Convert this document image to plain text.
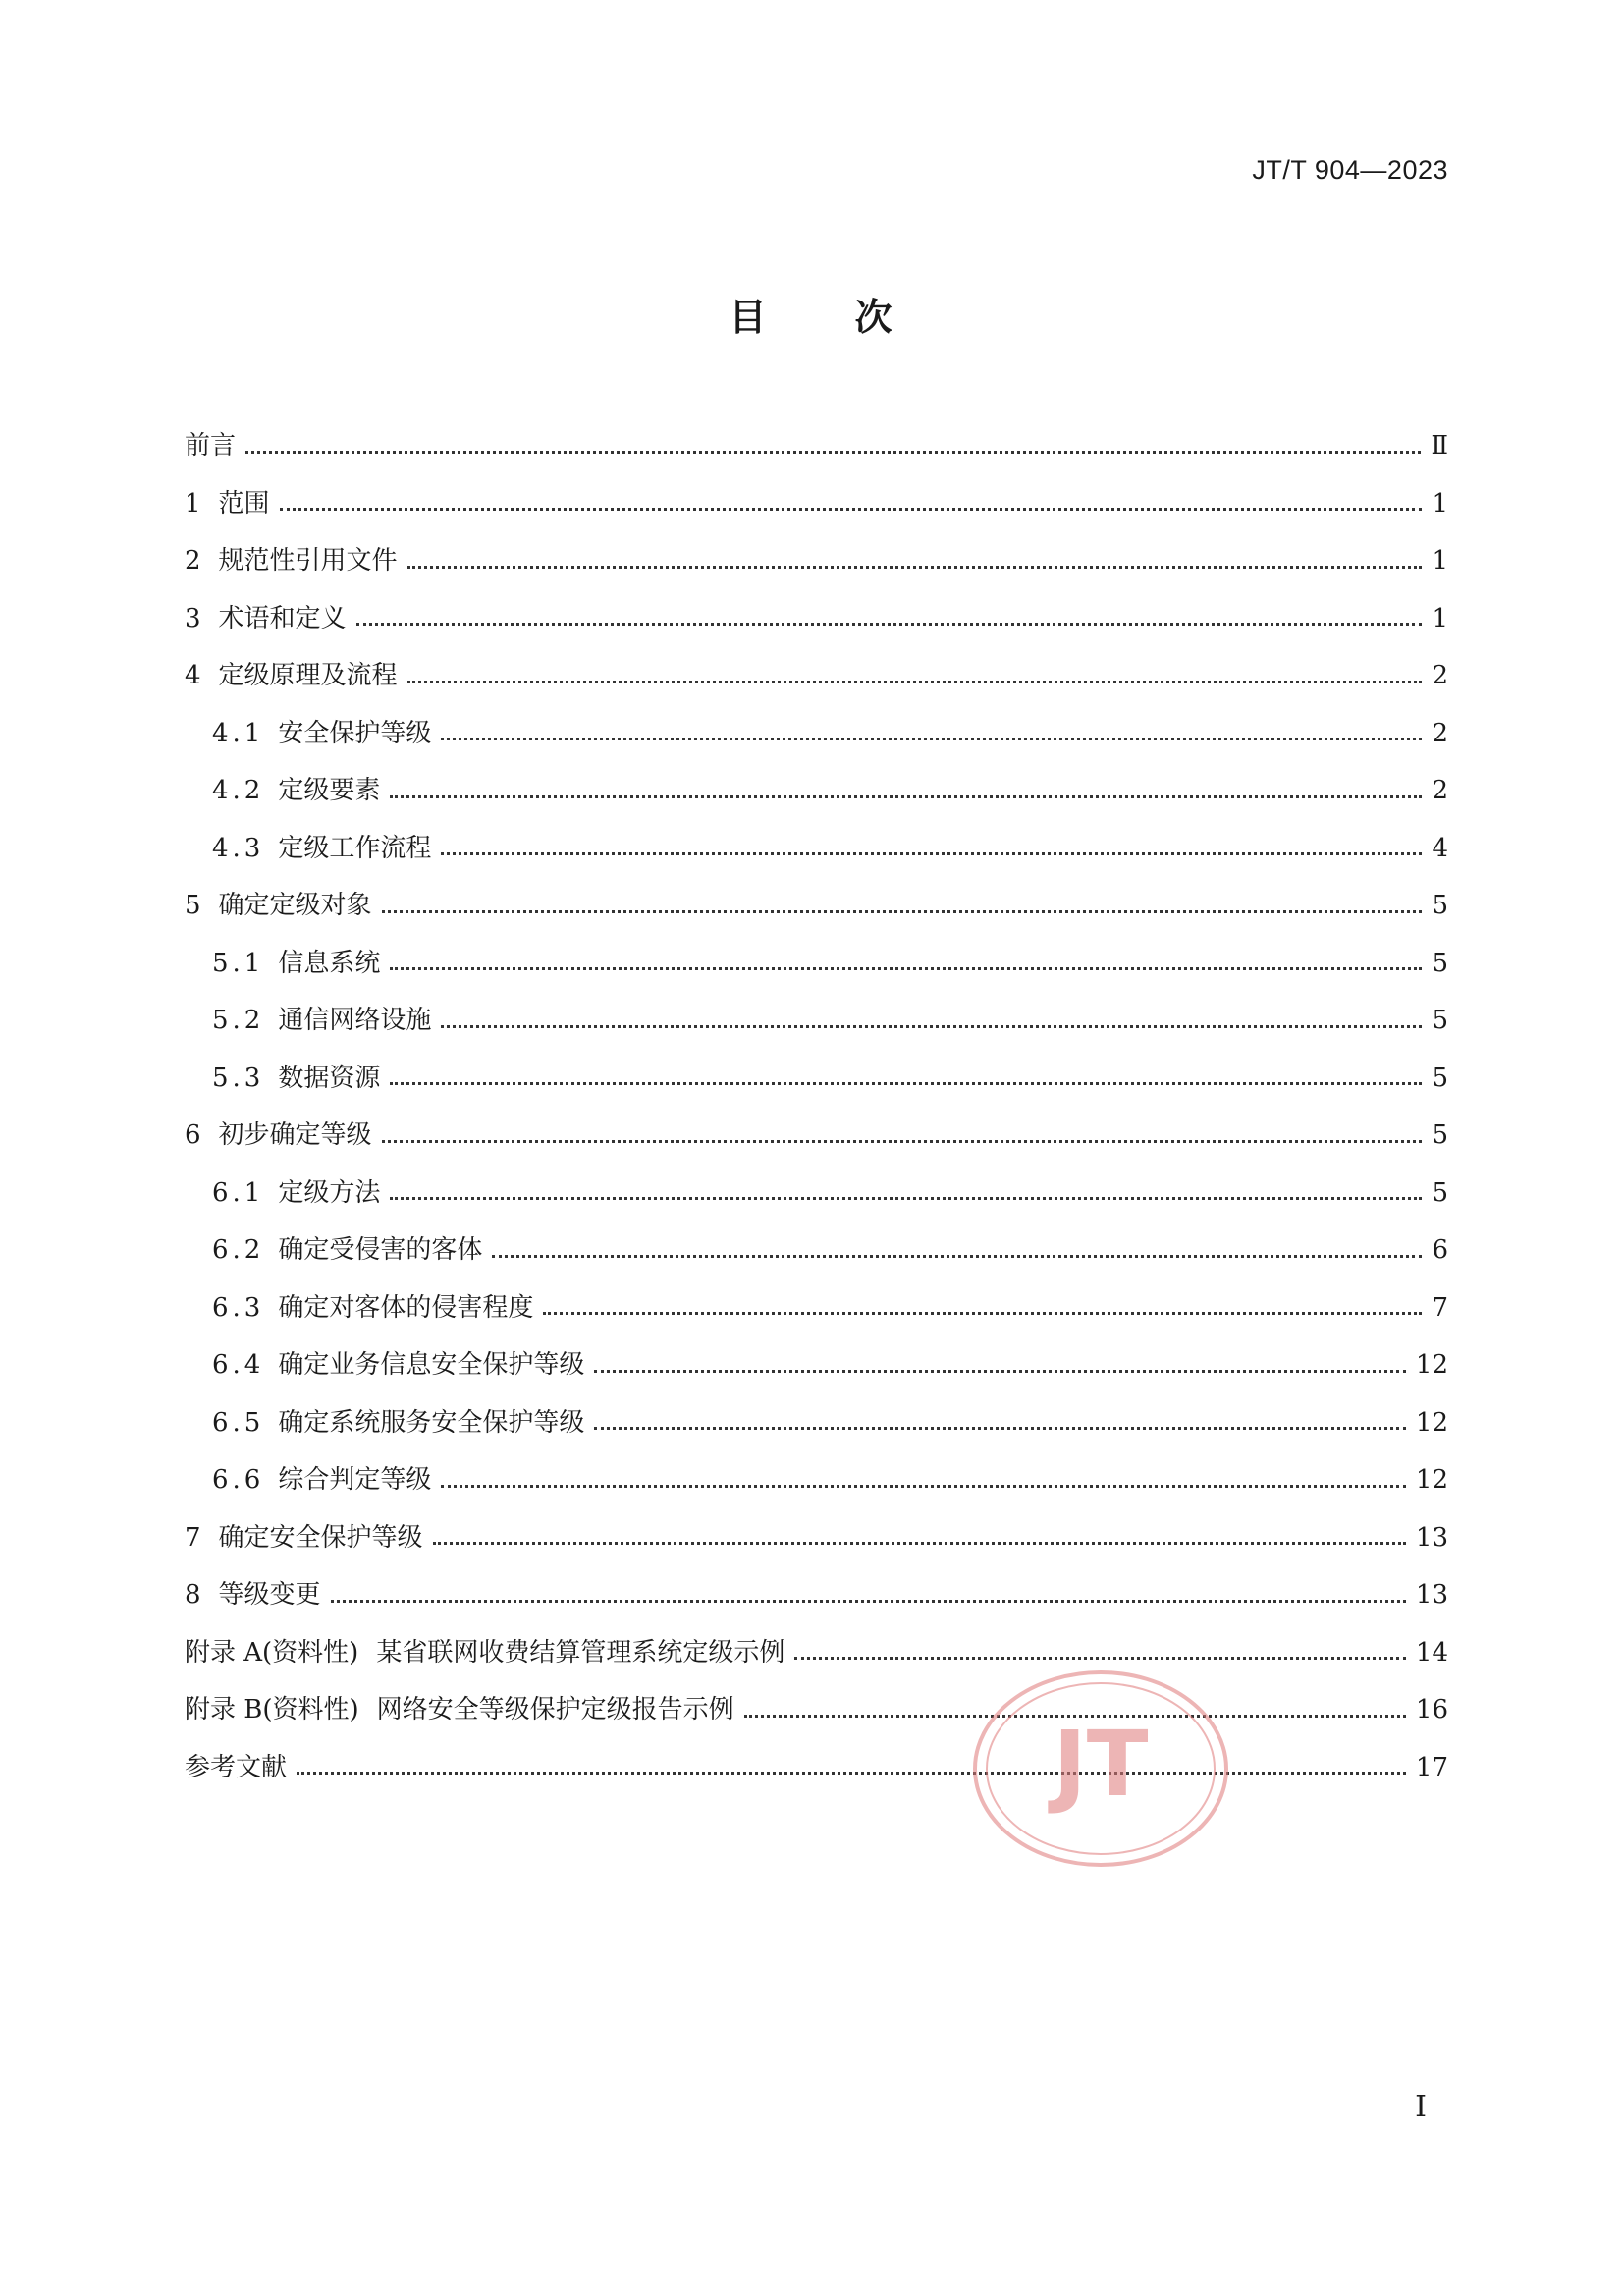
JT/T 904—2023
目 次
前言	Ⅱ
1 范围	1
2 规范性引用文件	1
3 术语和定义	1
4 定级原理及流程	2
4.1 安全保护等级	2
4.2 定级要素	2
4.3 定级工作流程	4
5 确定定级对象	5
5.1 信息系统	5
5.2 通信网络设施	5
5.3 数据资源	5
6 初步确定等级	5
6.1 定级方法	5
6.2 确定受侵害的客体	6
6.3 确定对客体的侵害程度	7
6.4 确定业务信息安全保护等级	12
6.5 确定系统服务安全保护等级	12
6.6 综合判定等级	12
7 确定安全保护等级	13
8 等级变更	13
附录 A(资料性) 某省联网收费结算管理系统定级示例	14
附录 B(资料性) 网络安全等级保护定级报告示例	16
参考文献	17
JT
Ⅰ
